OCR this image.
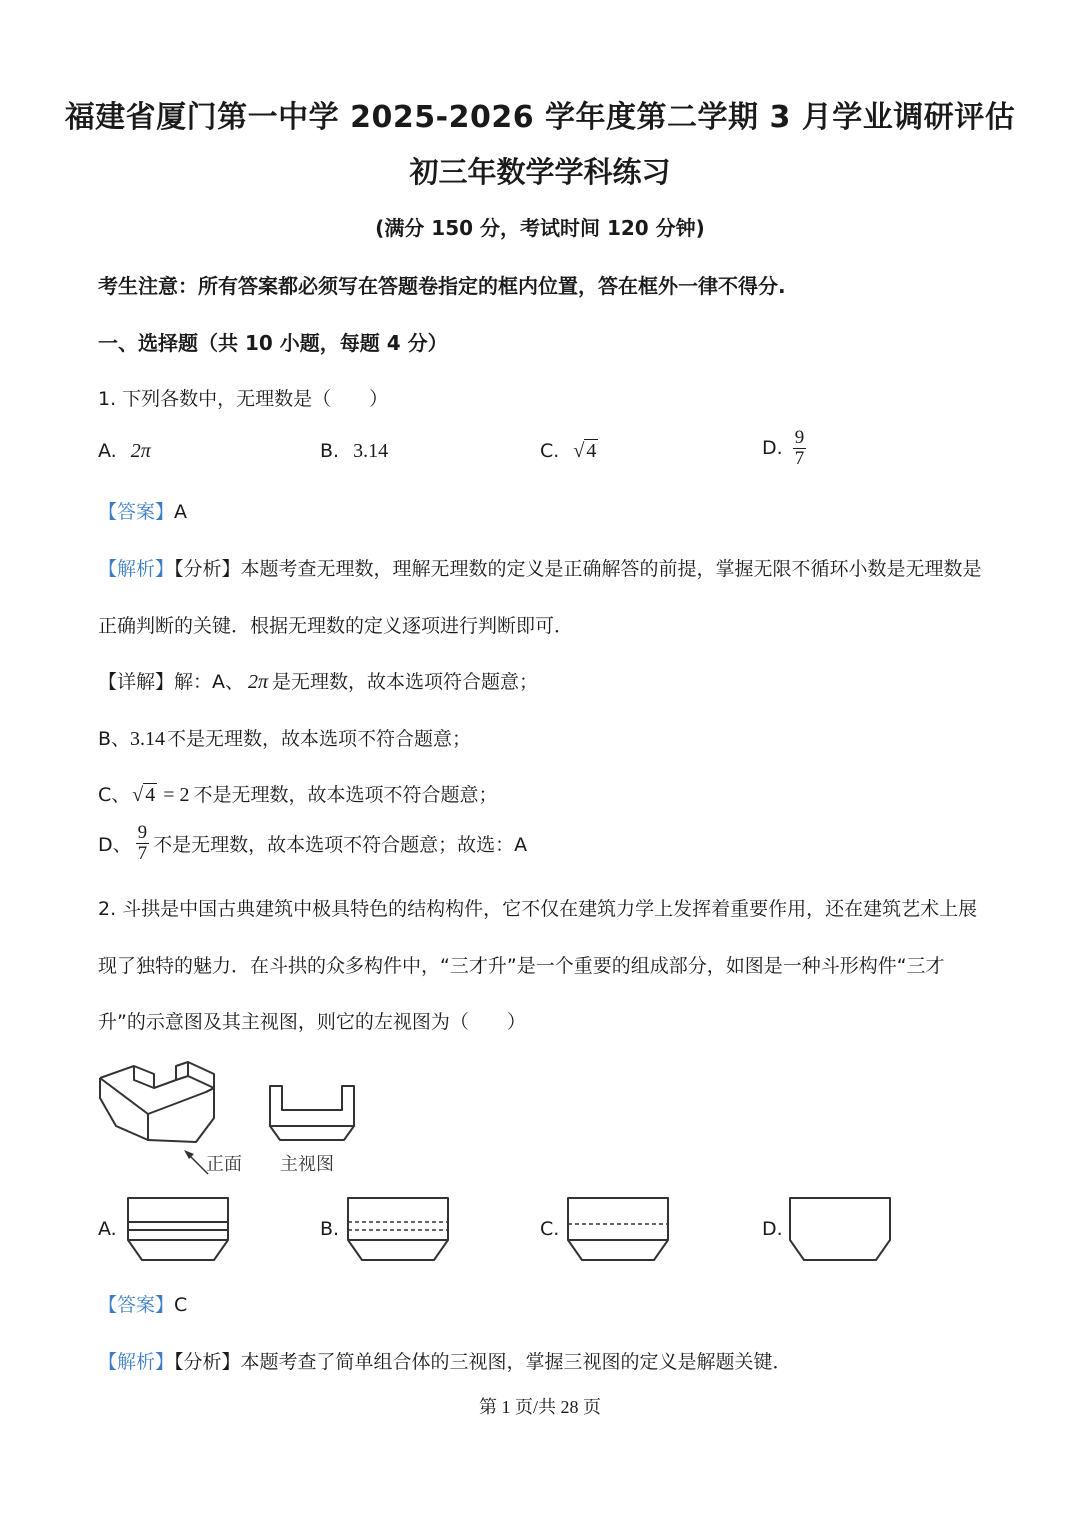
福建省厦门第一中学 2025-2026 学年度第二学期 3 月学业调研评估
初三年数学学科练习
(满分 150 分，考试时间 120 分钟)
考生注意：所有答案都必须写在答题卷指定的框内位置，答在框外一律不得分.
一、选择题（共 10 小题，每题 4 分）
1. 下列各数中，无理数是（　　）
A. 2π	B. 3.14	C. √ 4	D. $\frac{9}{7}$
【答案】A
【解析】【分析】本题考查无理数，理解无理数的定义是正确解答的前提，掌握无限不循环小数是无理数是
正确判断的关键．根据无理数的定义逐项进行判断即可．
【详解】解：A、 2π 是无理数，故本选项符合题意；
B、3.14 不是无理数，故本选项不符合题意；
C、 √ 4 = 2 不是无理数，故本选项不符合题意；
D、 $\frac{9}{7}$ 不是无理数，故本选项不符合题意；故选：A
2. 斗拱是中国古典建筑中极具特色的结构构件，它不仅在建筑力学上发挥着重要作用，还在建筑艺术上展
现了独特的魅力．在斗拱的众多构件中，“三才升”是一个重要的组成部分，如图是一种斗形构件“三才
升”的示意图及其主视图，则它的左视图为（　　）
正面 主视图
A.	B.	C.	D.
【答案】C
【解析】【分析】本题考查了简单组合体的三视图，掌握三视图的定义是解题关键．
第 1 页/共 28 页
